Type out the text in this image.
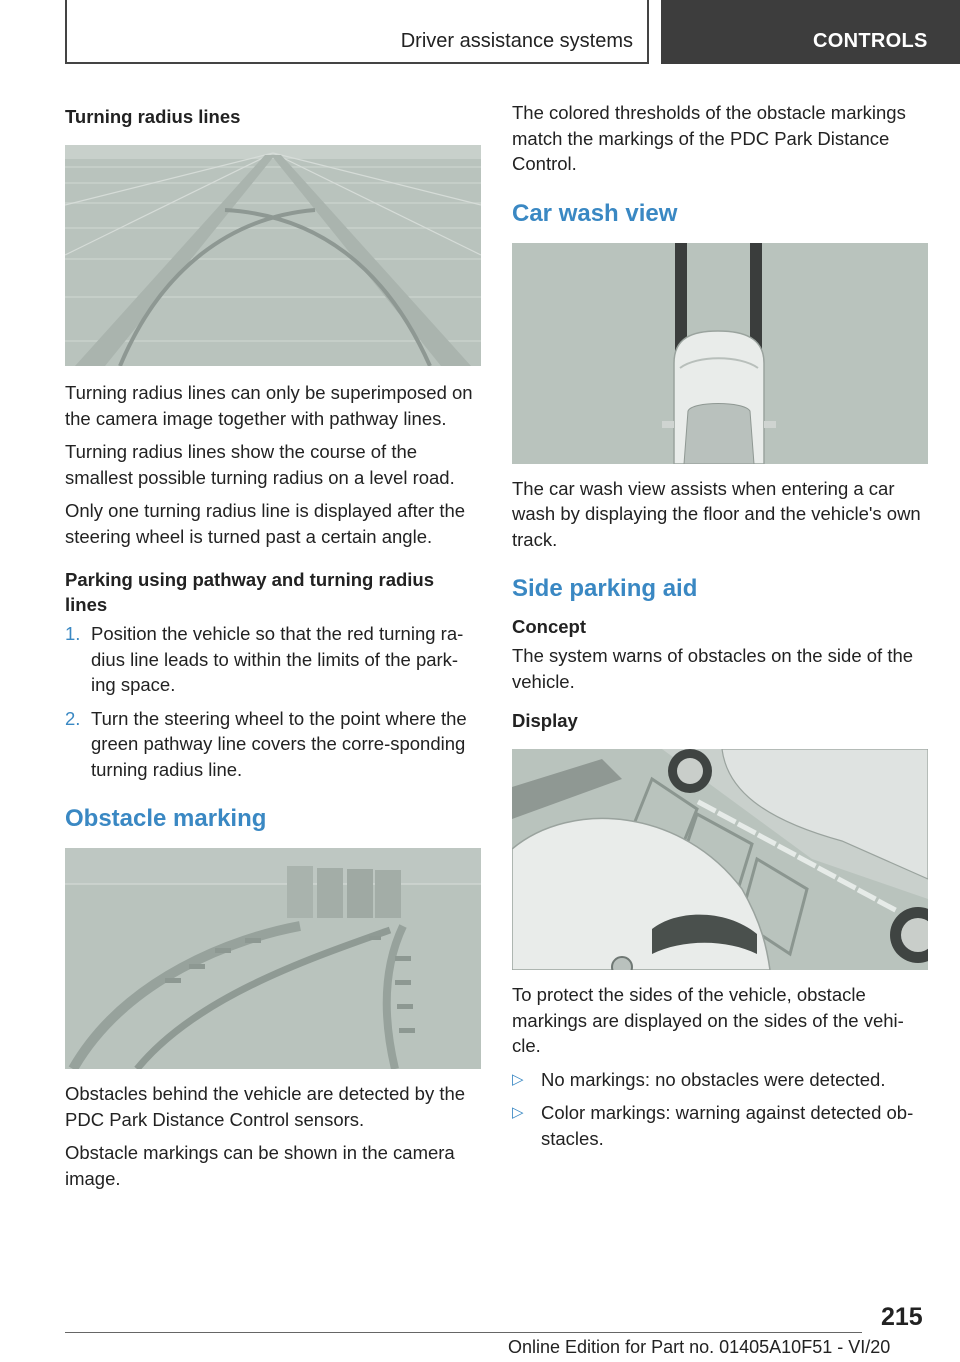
Driver assistance systems	CONTROLS
Turning radius lines

Turning radius lines can only be superimposed on the camera image together with pathway lines.

Turning radius lines show the course of the smallest possible turning radius on a level road.

Only one turning radius line is displayed after the steering wheel is turned past a certain angle.

Parking using pathway and turning radius lines
1. Position the vehicle so that the red turning ra‐dius line leads to within the limits of the park‐ing space.
2. Turn the steering wheel to the point where the green pathway line covers the corre‐sponding turning radius line.
Obstacle marking

Obstacles behind the vehicle are detected by the PDC Park Distance Control sensors.

Obstacle markings can be shown in the camera image.

The colored thresholds of the obstacle markings match the markings of the PDC Park Distance Control.

Car wash view

The car wash view assists when entering a car wash by displaying the floor and the vehicle's own track.

Side parking aid
Concept

The system warns of obstacles on the side of the vehicle.

Display

To protect the sides of the vehicle, obstacle markings are displayed on the sides of the vehi‐cle.

▷ No markings: no obstacles were detected.
▷ Color markings: warning against detected ob‐stacles.
215
Online Edition for Part no. 01405A10F51 - VI/20
